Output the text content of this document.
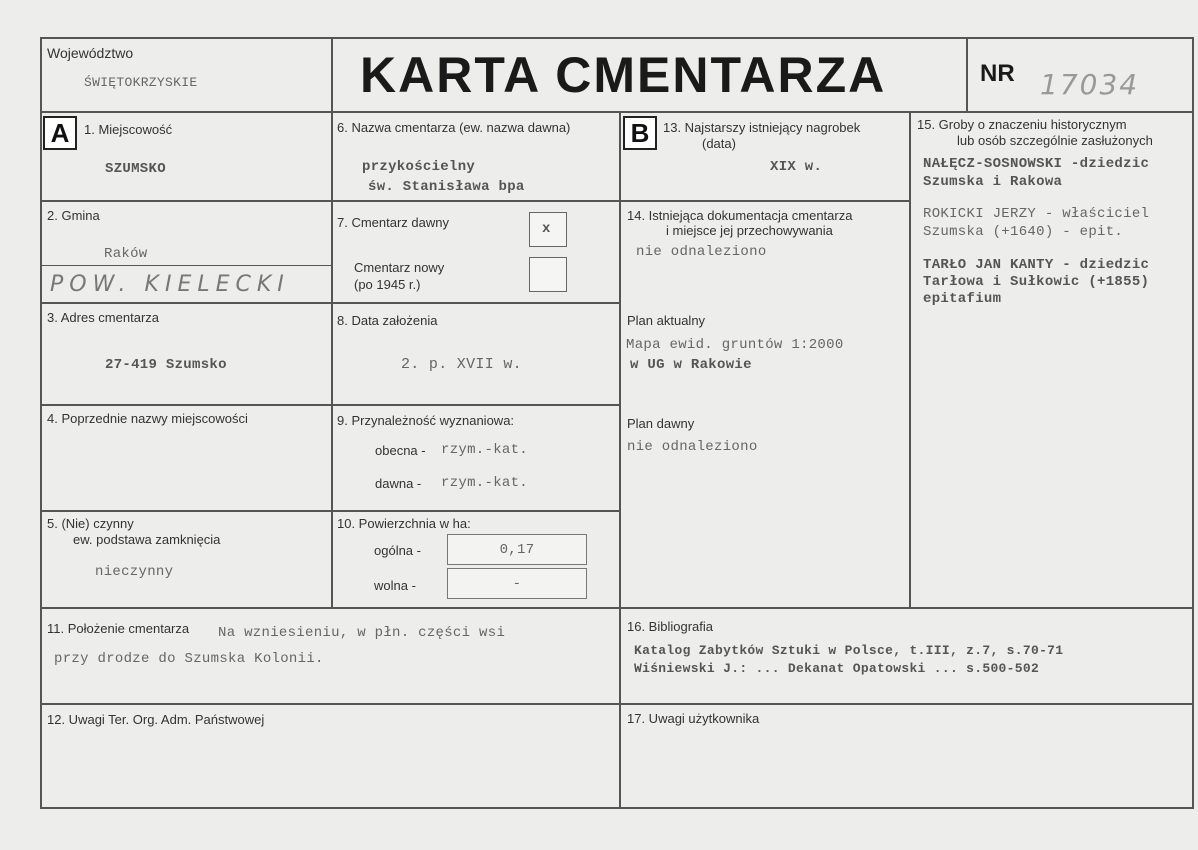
Województwo
ŚWIĘTOKRZYSKIE	KARTA CMENTARZA	NR 17034
A	1. Miejscowość
SZUMSKO
2. Gmina
Raków
POW. KIELECKI
3. Adres cmentarza
27-419 Szumsko
4. Poprzednie nazwy miejscowości
5. (Nie) czynny
ew. podstawa zamknięcia
nieczynny
6. Nazwa cmentarza (ew. nazwa dawna)
przykościelny
św. Stanisława bpa
7. Cmentarz dawny	x
Cmentarz nowy
(po 1945 r.)
8. Data założenia
2. p. XVII w.
9. Przynależność wyznaniowa:
obecna - rzym.-kat.
dawna - rzym.-kat.
10. Powierzchnia w ha:
ogólna -	0,17
wolna -	-
11. Położenie cmentarza Na wzniesieniu, w płn. części wsi
przy drodze do Szumska Kolonii.
12. Uwagi Ter. Org. Adm. Państwowej
B	13. Najstarszy istniejący nagrobek
(data)
XIX w.
14. Istniejąca dokumentacja cmentarza
i miejsce jej przechowywania
nie odnaleziono
Plan aktualny
Mapa ewid. gruntów 1:2000
w UG w Rakowie
Plan dawny
nie odnaleziono
15. Groby o znaczeniu historycznym
lub osób szczególnie zasłużonych
NAŁĘCZ-SOSNOWSKI -dziedzic
Szumska i Rakowa
ROKICKI JERZY - właściciel
Szumska (+1640) - epit.
TARŁO JAN KANTY - dziedzic
Tarłowa i Sułkowic (+1855)
epitafium
16. Bibliografia
Katalog Zabytków Sztuki w Polsce, t.III, z.7, s.70-71
Wiśniewski J.: ... Dekanat Opatowski ... s.500-502
17. Uwagi użytkownika
